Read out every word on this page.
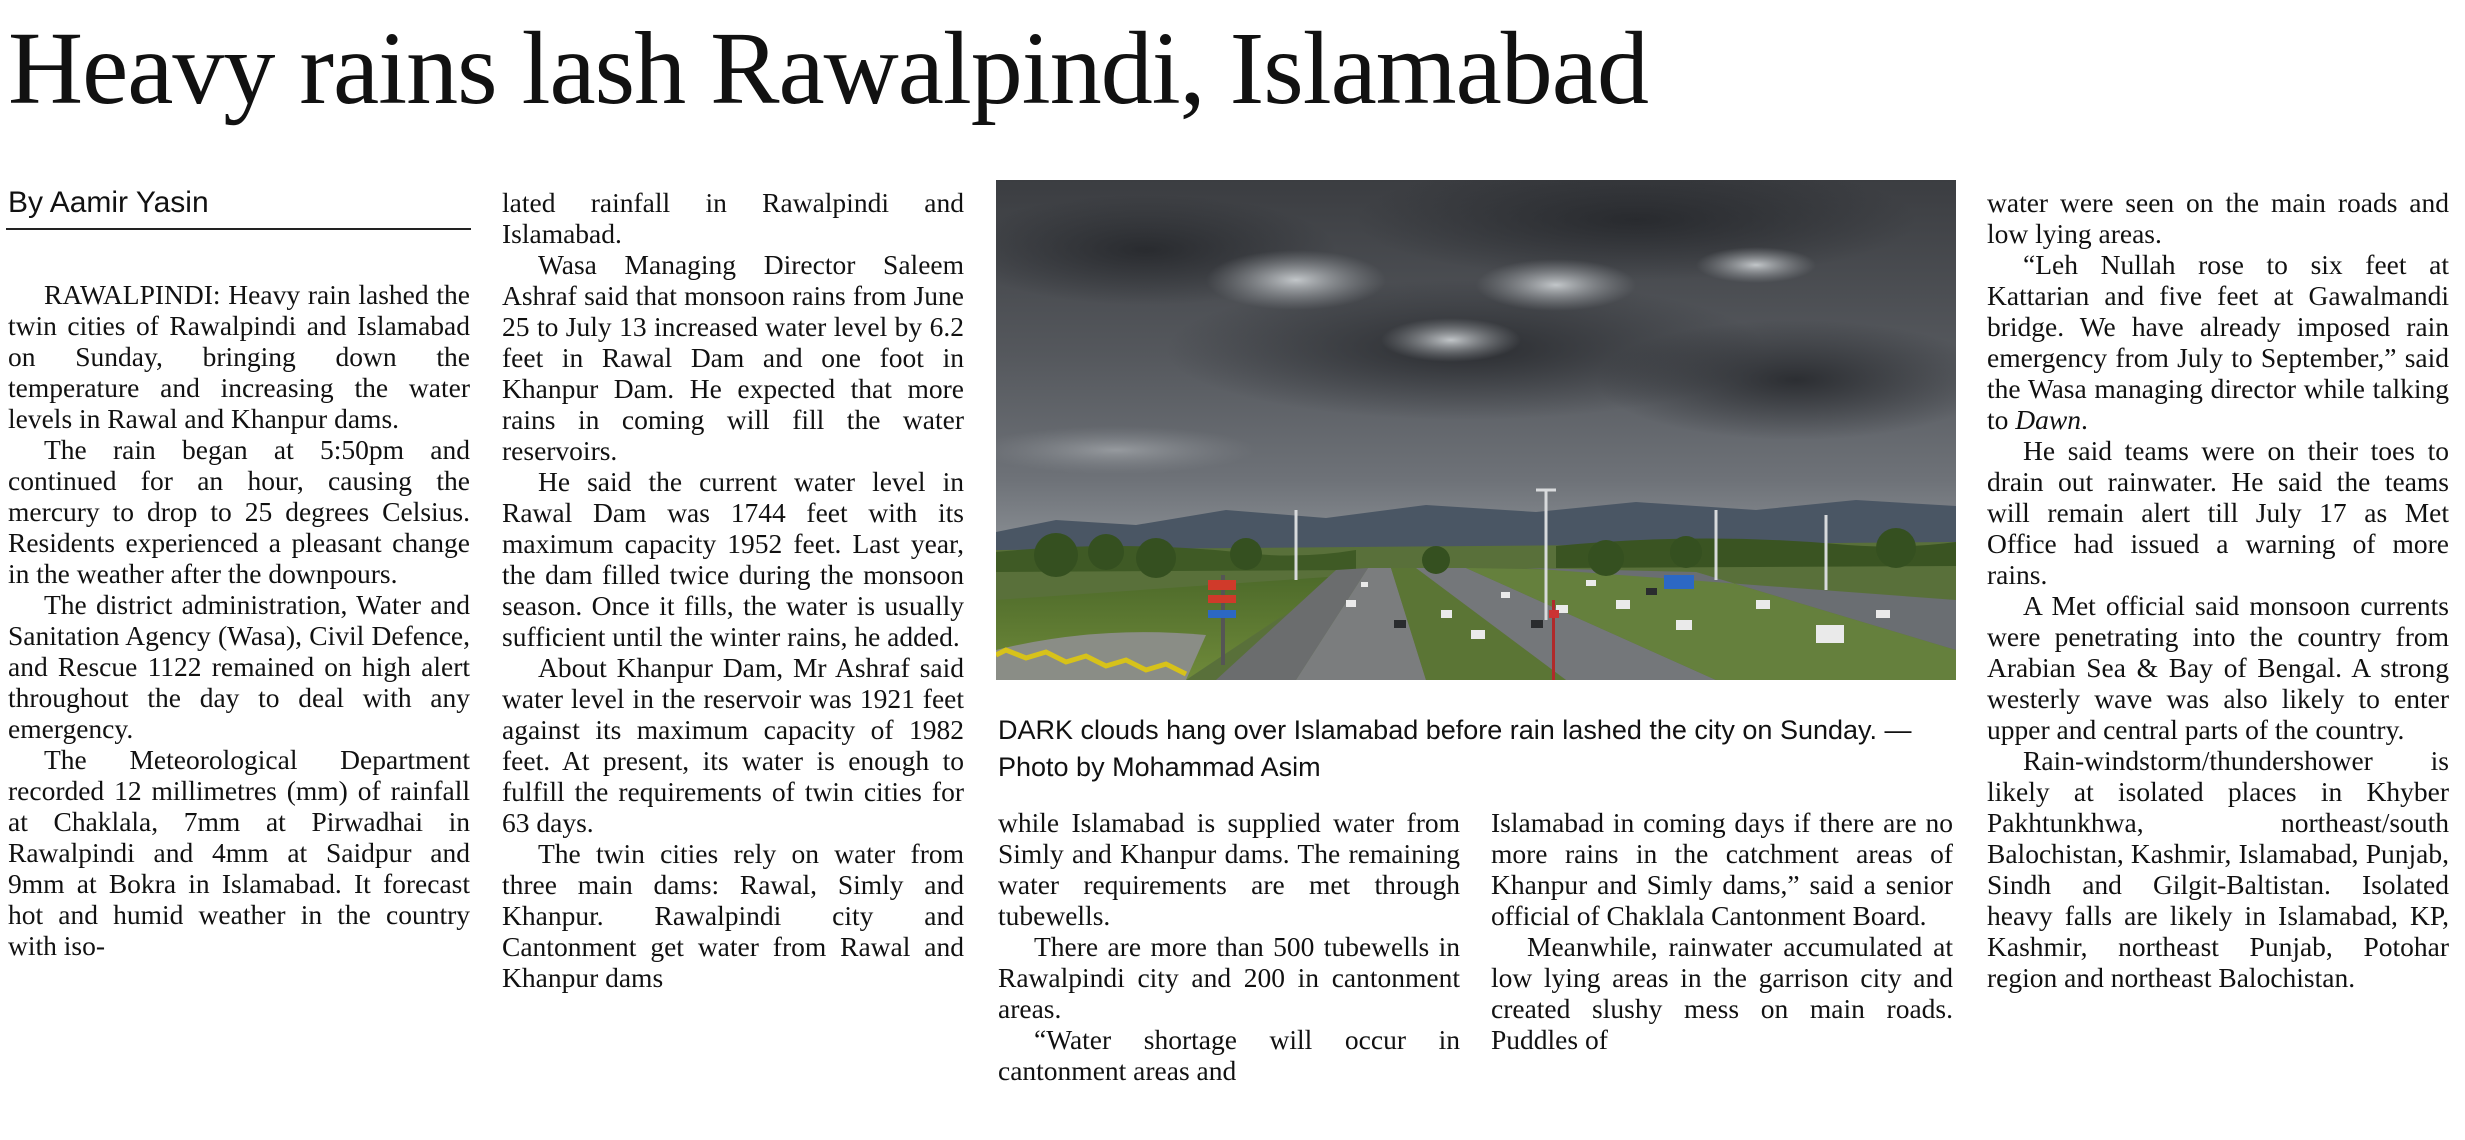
Heavy rains lash Rawalpindi, Islamabad
By Aamir Yasin

RAWALPINDI: Heavy rain lashed the twin cities of Rawalpindi and Islamabad on Sunday, bringing down the temperature and increasing the water levels in Rawal and Khanpur dams.

The rain began at 5:50pm and continued for an hour, causing the mercury to drop to 25 degrees Celsius. Residents experienced a pleasant change in the weather after the downpours.

The district administration, Water and Sanitation Agency (Wasa), Civil Defence, and Rescue 1122 remained on high alert throughout the day to deal with any emergency.

The Meteorological Department recorded 12 millimetres (mm) of rainfall at Chaklala, 7mm at Pirwadhai in Rawalpindi and 4mm at Saidpur and 9mm at Bokra in Islamabad. It forecast hot and humid weather in the country with iso-

lated rainfall in Rawalpindi and Islamabad.

Wasa Managing Director Saleem Ashraf said that monsoon rains from June 25 to July 13 increased water level by 6.2 feet in Rawal Dam and one foot in Khanpur Dam. He expected that more rains in coming will fill the water reservoirs.

He said the current water level in Rawal Dam was 1744 feet with its maximum capacity 1952 feet. Last year, the dam filled twice during the monsoon season. Once it fills, the water is usually sufficient until the winter rains, he added.

About Khanpur Dam, Mr Ashraf said water level in the reservoir was 1921 feet against its maximum capacity of 1982 feet. At present, its water is enough to fulfill the requirements of twin cities for 63 days.

The twin cities rely on water from three main dams: Rawal, Simly and Khanpur. Rawalpindi city and Cantonment get water from Rawal and Khanpur dams

DARK clouds hang over Islamabad before rain lashed the city on Sunday. — Photo by Mohammad Asim

while Islamabad is supplied water from Simly and Khanpur dams. The remaining water requirements are met through tubewells.

There are more than 500 tubewells in Rawalpindi city and 200 in cantonment areas.

“Water shortage will occur in cantonment areas and

Islamabad in coming days if there are no more rains in the catchment areas of Khanpur and Simly dams,” said a senior official of Chaklala Cantonment Board.

Meanwhile, rainwater accumulated at low lying areas in the garrison city and created slushy mess on main roads. Puddles of

water were seen on the main roads and low lying areas.

“Leh Nullah rose to six feet at Kattarian and five feet at Gawalmandi bridge. We have already imposed rain emergency from July to September,” said the Wasa managing director while talking to Dawn.

He said teams were on their toes to drain out rainwater. He said the teams will remain alert till July 17 as Met Office had issued a warning of more rains.

A Met official said monsoon currents were penetrating into the country from Arabian Sea & Bay of Bengal. A strong westerly wave was also likely to enter upper and central parts of the country.

Rain-windstorm/thundershower is likely at isolated places in Khyber Pakhtunkhwa, northeast/south Balochistan, Kashmir, Islamabad, Punjab, Sindh and Gilgit-Baltistan. Isolated heavy falls are likely in Islamabad, KP, Kashmir, northeast Punjab, Potohar region and northeast Balochistan.
